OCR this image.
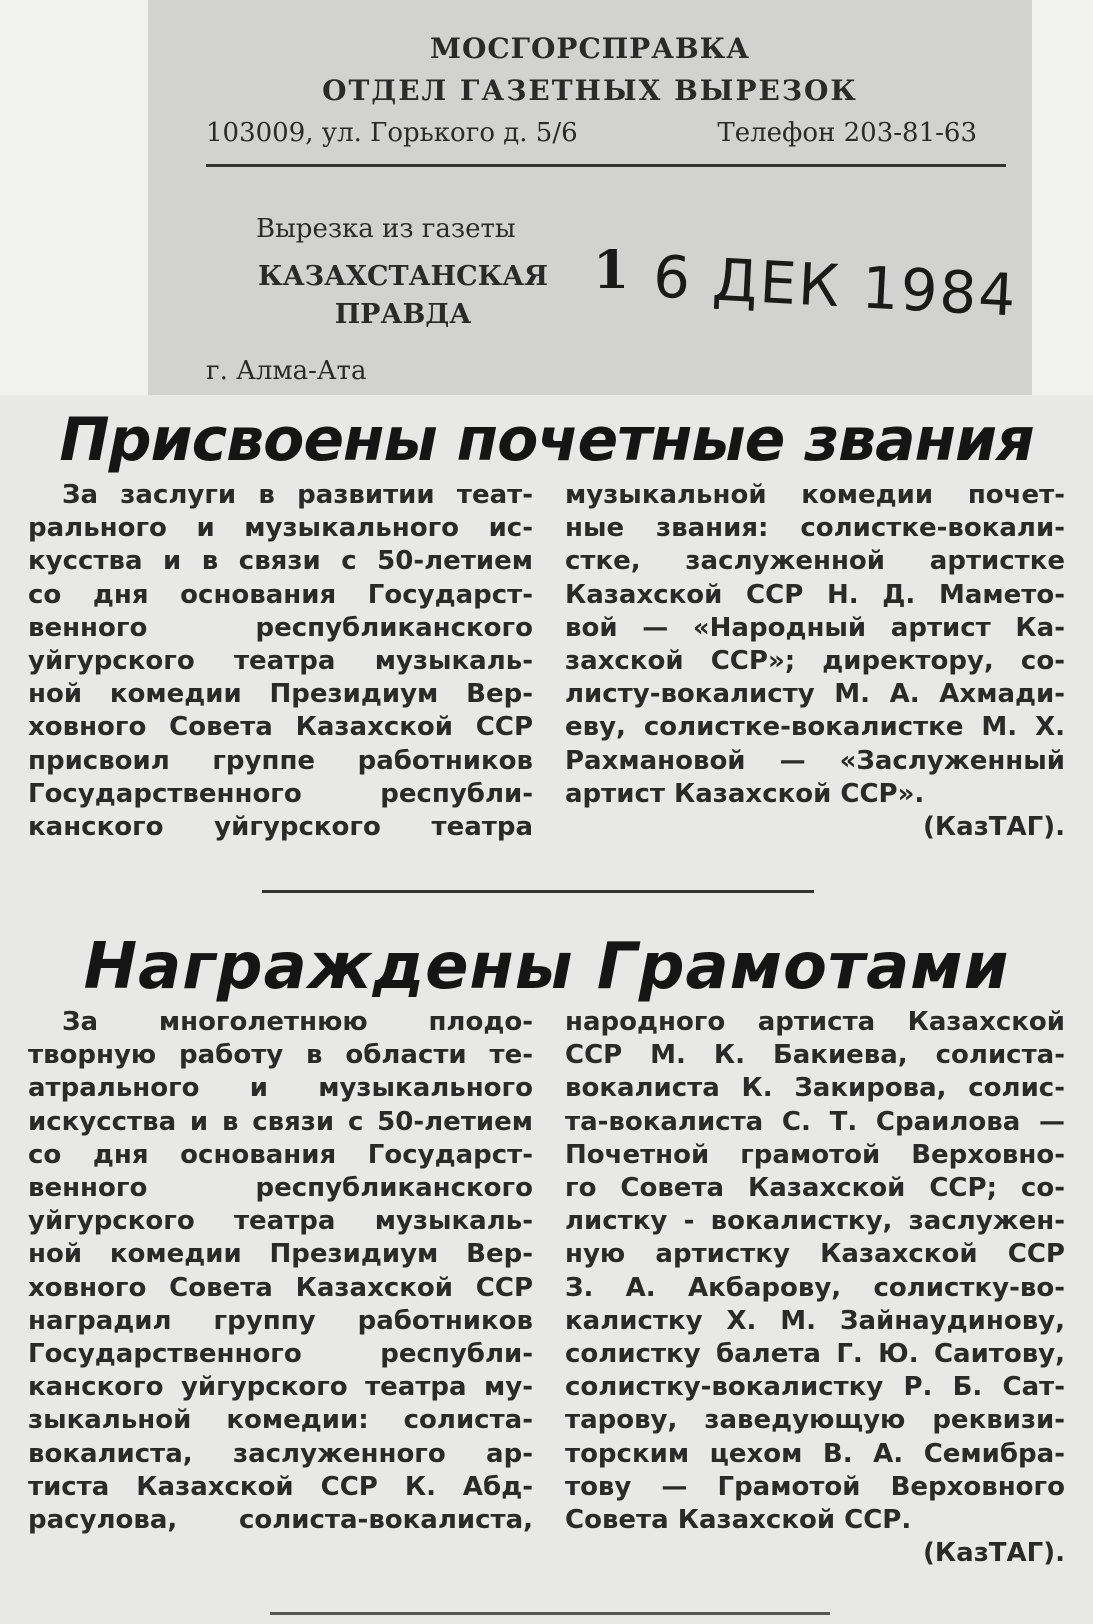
МОСГОРСПРАВКА
ОТДЕЛ ГАЗЕТНЫХ ВЫРЕЗОК
103009, ул. Горького д. 5/6	Телефон 203-81-63
Вырезка из газеты
КАЗАХСТАНСКАЯ
ПРАВДА
г. Алма-Ата
1 6 ДЕК 1984
Присвоены почетные звания
За заслуги в развитии теат-
рального и музыкального ис-
кусства и в связи с 50-летием
со дня основания Государст-
венного республиканского
уйгурского театра музыкаль-
ной комедии Президиум Вер-
ховного Совета Казахской ССР
присвоил группе работников
Государственного республи-
канского уйгурского театра
музыкальной комедии почет-
ные звания: солистке-вокали-
стке, заслуженной артистке
Казахской ССР Н. Д. Мамето-
вой — «Народный артист Ка-
захской ССР»; директору, со-
листу-вокалисту М. А. Ахмади-
еву, солистке-вокалистке М. Х.
Рахмановой — «Заслуженный
артист Казахской ССР».
(КазТАГ).
Награждены Грамотами
За многолетнюю плодо-
творную работу в области те-
атрального и музыкального
искусства и в связи с 50-летием
со дня основания Государст-
венного республиканского
уйгурского театра музыкаль-
ной комедии Президиум Вер-
ховного Совета Казахской ССР
наградил группу работников
Государственного республи-
канского уйгурского театра му-
зыкальной комедии: солиста-
вокалиста, заслуженного ар-
тиста Казахской ССР К. Абд-
расулова, солиста-вокалиста,
народного артиста Казахской
ССР М. К. Бакиева, солиста-
вокалиста К. Закирова, солис-
та-вокалиста С. Т. Сраилова —
Почетной грамотой Верховно-
го Совета Казахской ССР; со-
листку - вокалистку, заслужен-
ную артистку Казахской ССР
З. А. Акбарову, солистку-во-
калистку Х. М. Зайнаудинову,
солистку балета Г. Ю. Саитову,
солистку-вокалистку Р. Б. Сат-
тарову, заведующую реквизи-
торским цехом В. А. Семибра-
тову — Грамотой Верховного
Совета Казахской ССР.
(КазТАГ).
